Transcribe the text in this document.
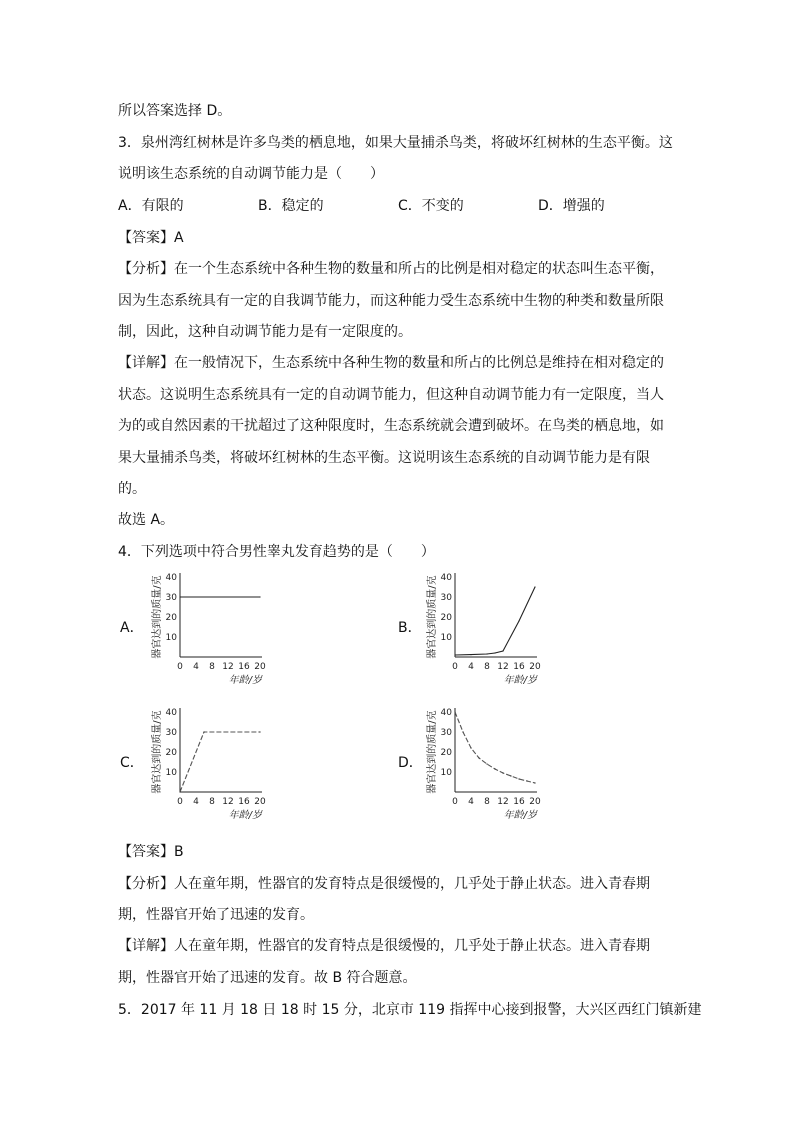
所以答案选择 D。
3．泉州湾红树林是许多鸟类的栖息地，如果大量捕杀鸟类，将破坏红树林的生态平衡。这
说明该生态系统的自动调节能力是（　　）
A．有限的	B．稳定的	C．不变的	D．增强的
【答案】A
【分析】在一个生态系统中各种生物的数量和所占的比例是相对稳定的状态叫生态平衡，
因为生态系统具有一定的自我调节能力，而这种能力受生态系统中生物的种类和数量所限
制，因此，这种自动调节能力是有一定限度的。
【详解】在一般情况下，生态系统中各种生物的数量和所占的比例总是维持在相对稳定的
状态。这说明生态系统具有一定的自动调节能力，但这种自动调节能力有一定限度，当人
为的或自然因素的干扰超过了这种限度时，生态系统就会遭到破坏。在鸟类的栖息地，如
果大量捕杀鸟类，将破坏红树林的生态平衡。这说明该生态系统的自动调节能力是有限
的。
故选 A。
4．下列选项中符合男性睾丸发育趋势的是（　　）
A．	B．
C．	D．
0 4 8 12 16 20
10
20
30
40
年龄/岁
器官达到的质量/克
0 4 8 12 16 20
10
20
30
40
年龄/岁
器官达到的质量/克
0 4 8 12 16 20
10
20
30
40
年龄/岁
器官达到的质量/克
0 4 8 12 16 20
10
20
30
40
年龄/岁
器官达到的质量/克
【答案】B
【分析】人在童年期，性器官的发育特点是很缓慢的，几乎处于静止状态。进入青春期
期，性器官开始了迅速的发育。
【详解】人在童年期，性器官的发育特点是很缓慢的，几乎处于静止状态。进入青春期
期，性器官开始了迅速的发育。故 B 符合题意。
5．2017 年 11 月 18 日 18 时 15 分，北京市 119 指挥中心接到报警，大兴区西红门镇新建
